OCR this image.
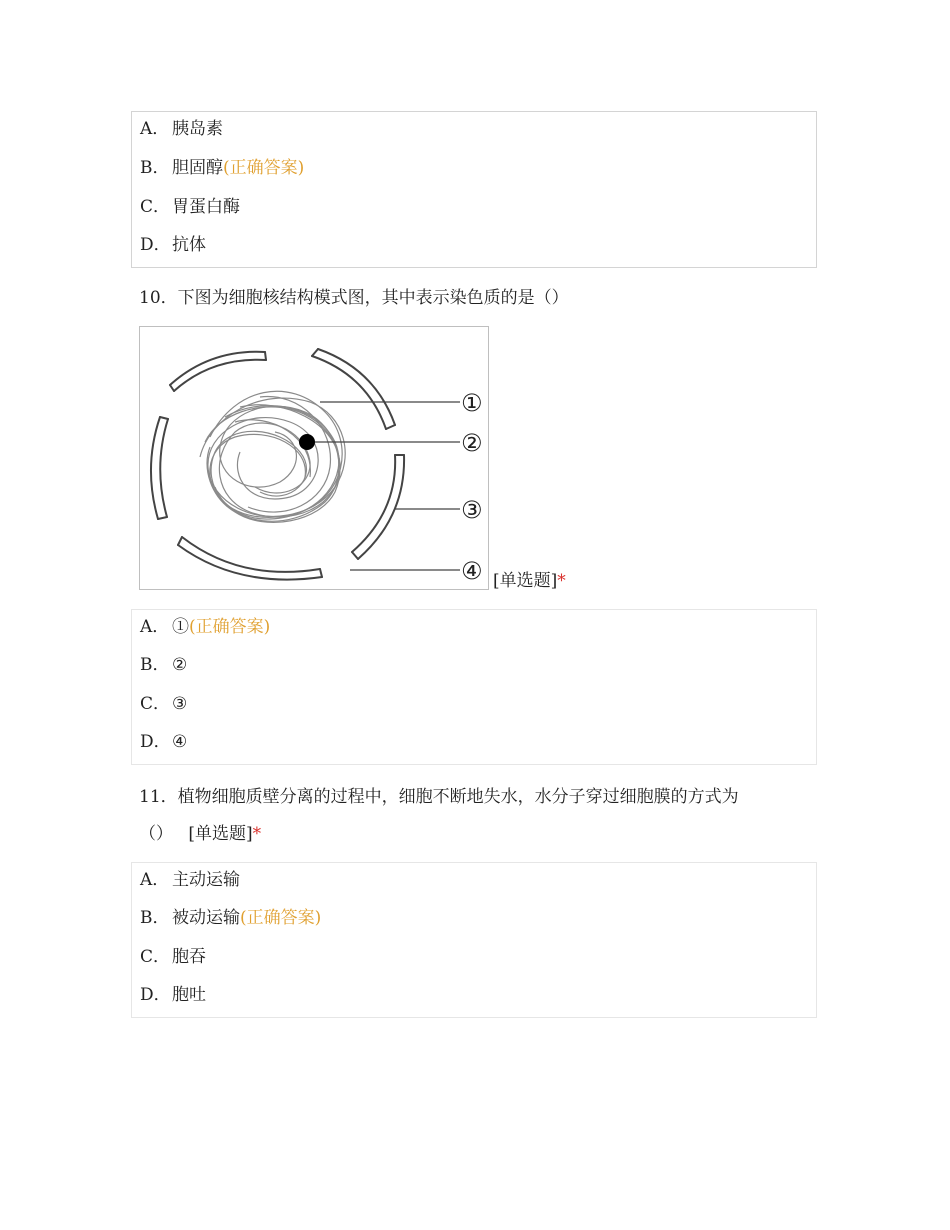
A． 胰岛素
B． 胆固醇(正确答案)
C． 胃蛋白酶
D．抗体
10．下图为细胞核结构模式图，其中表示染色质的是（）
①
②
③
④ [单选题]*
A． ①(正确答案)
B． ②
C． ③
D．④
11．植物细胞质壁分离的过程中，细胞不断地失水，水分子穿过细胞膜的方式为
（） [单选题]*
A． 主动运输
B． 被动运输(正确答案)
C． 胞吞
D．胞吐
